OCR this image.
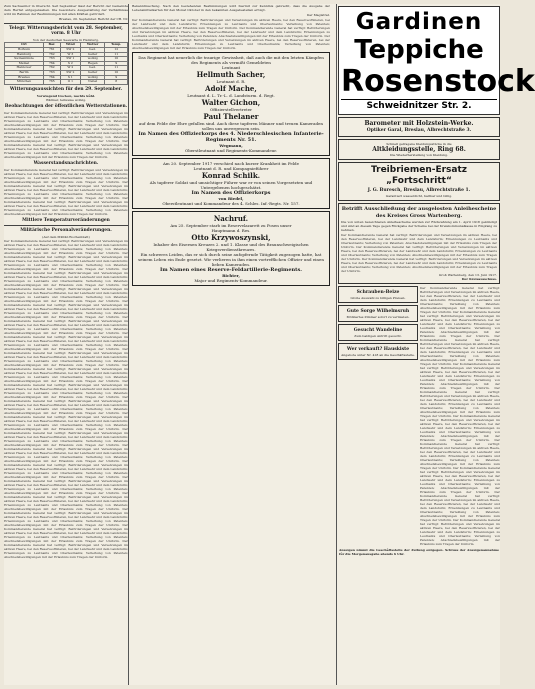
Zum Sachsenhof in Oberschl. Seit September lässt der Bericht der Gemeinde dem Herbst entgegensehen. Die besondere Ausgestaltung der Verhältnisse wird im Rahmen der Bestimmungen mit allen Kräften gefördert.

Breslau, 20. September. Bericht der CB. Nr.

Telegr. Witterungsbericht vom 28. September, vorm. 8 Uhr
Von der deutschen Seewarte in Hamburg.
Ort	Bar.	Wind	Wetter	Temp.
Borkum	761	SW 2	bed.	12
Hamburg	762	W 3	heiter	11
Swinemünde	763	SW 1	wolkig	10
Memel	764	S 2	Regen	9
Hannover	762	W 2	bed.	11
Berlin	763	SW 2	heiter	10
Breslau	764	S 1	wolkig	9
München	765	O 1	Nebel	8
Witterungsaussichten für den 29. September.
Vorwiegend trocken, nachts kühl.
Wärmer, teilweise wolkig.
Beobachtungen der öffentlichen Wetterstationen.
Der Kommandierende General hat verfügt: Beförderungen und Versetzungen im aktiven Heere, bei den Reserveoffizieren, bei der Landwehr und dem Landsturm; Ernennungen zu Leutnants und Oberleutnants; Verleihung von Patenten; Abschiedsbewilligungen mit der Erlaubnis zum Tragen der Uniform. Der Kommandierende General hat verfügt: Beförderungen und Versetzungen im aktiven Heere, bei den Reserveoffizieren, bei der Landwehr und dem Landsturm; Ernennungen zu Leutnants und Oberleutnants; Verleihung von Patenten; Abschiedsbewilligungen mit der Erlaubnis zum Tragen der Uniform. Der Kommandierende General hat verfügt: Beförderungen und Versetzungen im aktiven Heere, bei den Reserveoffizieren, bei der Landwehr und dem Landsturm; Ernennungen zu Leutnants und Oberleutnants; Verleihung von Patenten; Abschiedsbewilligungen mit der Erlaubnis zum Tragen der Uniform.
Wasserstandsnachrichten.
Der Kommandierende General hat verfügt: Beförderungen und Versetzungen im aktiven Heere, bei den Reserveoffizieren, bei der Landwehr und dem Landsturm; Ernennungen zu Leutnants und Oberleutnants; Verleihung von Patenten; Abschiedsbewilligungen mit der Erlaubnis zum Tragen der Uniform. Der Kommandierende General hat verfügt: Beförderungen und Versetzungen im aktiven Heere, bei den Reserveoffizieren, bei der Landwehr und dem Landsturm; Ernennungen zu Leutnants und Oberleutnants; Verleihung von Patenten; Abschiedsbewilligungen mit der Erlaubnis zum Tragen der Uniform. Der Kommandierende General hat verfügt: Beförderungen und Versetzungen im aktiven Heere, bei den Reserveoffizieren, bei der Landwehr und dem Landsturm; Ernennungen zu Leutnants und Oberleutnants; Verleihung von Patenten; Abschiedsbewilligungen mit der Erlaubnis zum Tragen der Uniform.
Mittlere Temperaturveränderungen
Militärische Personalveränderungen.
(Auf dem Militär-Wochenblatt)
Der Kommandierende General hat verfügt: Beförderungen und Versetzungen im aktiven Heere, bei den Reserveoffizieren, bei der Landwehr und dem Landsturm; Ernennungen zu Leutnants und Oberleutnants; Verleihung von Patenten; Abschiedsbewilligungen mit der Erlaubnis zum Tragen der Uniform. Der Kommandierende General hat verfügt: Beförderungen und Versetzungen im aktiven Heere, bei den Reserveoffizieren, bei der Landwehr und dem Landsturm; Ernennungen zu Leutnants und Oberleutnants; Verleihung von Patenten; Abschiedsbewilligungen mit der Erlaubnis zum Tragen der Uniform. Der Kommandierende General hat verfügt: Beförderungen und Versetzungen im aktiven Heere, bei den Reserveoffizieren, bei der Landwehr und dem Landsturm; Ernennungen zu Leutnants und Oberleutnants; Verleihung von Patenten; Abschiedsbewilligungen mit der Erlaubnis zum Tragen der Uniform. Der Kommandierende General hat verfügt: Beförderungen und Versetzungen im aktiven Heere, bei den Reserveoffizieren, bei der Landwehr und dem Landsturm; Ernennungen zu Leutnants und Oberleutnants; Verleihung von Patenten; Abschiedsbewilligungen mit der Erlaubnis zum Tragen der Uniform. Der Kommandierende General hat verfügt: Beförderungen und Versetzungen im aktiven Heere, bei den Reserveoffizieren, bei der Landwehr und dem Landsturm; Ernennungen zu Leutnants und Oberleutnants; Verleihung von Patenten; Abschiedsbewilligungen mit der Erlaubnis zum Tragen der Uniform. Der Kommandierende General hat verfügt: Beförderungen und Versetzungen im aktiven Heere, bei den Reserveoffizieren, bei der Landwehr und dem Landsturm; Ernennungen zu Leutnants und Oberleutnants; Verleihung von Patenten; Abschiedsbewilligungen mit der Erlaubnis zum Tragen der Uniform. Der Kommandierende General hat verfügt: Beförderungen und Versetzungen im aktiven Heere, bei den Reserveoffizieren, bei der Landwehr und dem Landsturm; Ernennungen zu Leutnants und Oberleutnants; Verleihung von Patenten; Abschiedsbewilligungen mit der Erlaubnis zum Tragen der Uniform. Der Kommandierende General hat verfügt: Beförderungen und Versetzungen im aktiven Heere, bei den Reserveoffizieren, bei der Landwehr und dem Landsturm; Ernennungen zu Leutnants und Oberleutnants; Verleihung von Patenten; Abschiedsbewilligungen mit der Erlaubnis zum Tragen der Uniform. Der Kommandierende General hat verfügt: Beförderungen und Versetzungen im aktiven Heere, bei den Reserveoffizieren, bei der Landwehr und dem Landsturm; Ernennungen zu Leutnants und Oberleutnants; Verleihung von Patenten; Abschiedsbewilligungen mit der Erlaubnis zum Tragen der Uniform. Der Kommandierende General hat verfügt: Beförderungen und Versetzungen im aktiven Heere, bei den Reserveoffizieren, bei der Landwehr und dem Landsturm; Ernennungen zu Leutnants und Oberleutnants; Verleihung von Patenten; Abschiedsbewilligungen mit der Erlaubnis zum Tragen der Uniform. Der Kommandierende General hat verfügt: Beförderungen und Versetzungen im aktiven Heere, bei den Reserveoffizieren, bei der Landwehr und dem Landsturm; Ernennungen zu Leutnants und Oberleutnants; Verleihung von Patenten; Abschiedsbewilligungen mit der Erlaubnis zum Tragen der Uniform. Der Kommandierende General hat verfügt: Beförderungen und Versetzungen im aktiven Heere, bei den Reserveoffizieren, bei der Landwehr und dem Landsturm; Ernennungen zu Leutnants und Oberleutnants; Verleihung von Patenten; Abschiedsbewilligungen mit der Erlaubnis zum Tragen der Uniform. Der Kommandierende General hat verfügt: Beförderungen und Versetzungen im aktiven Heere, bei den Reserveoffizieren, bei der Landwehr und dem Landsturm; Ernennungen zu Leutnants und Oberleutnants; Verleihung von Patenten; Abschiedsbewilligungen mit der Erlaubnis zum Tragen der Uniform. Der Kommandierende General hat verfügt: Beförderungen und Versetzungen im aktiven Heere, bei den Reserveoffizieren, bei der Landwehr und dem Landsturm; Ernennungen zu Leutnants und Oberleutnants; Verleihung von Patenten; Abschiedsbewilligungen mit der Erlaubnis zum Tragen der Uniform. Der Kommandierende General hat verfügt: Beförderungen und Versetzungen im aktiven Heere, bei den Reserveoffizieren, bei der Landwehr und dem Landsturm; Ernennungen zu Leutnants und Oberleutnants; Verleihung von Patenten; Abschiedsbewilligungen mit der Erlaubnis zum Tragen der Uniform. Der Kommandierende General hat verfügt: Beförderungen und Versetzungen im aktiven Heere, bei den Reserveoffizieren, bei der Landwehr und dem Landsturm; Ernennungen zu Leutnants und Oberleutnants; Verleihung von Patenten; Abschiedsbewilligungen mit der Erlaubnis zum Tragen der Uniform. Der Kommandierende General hat verfügt: Beförderungen und Versetzungen im aktiven Heere, bei den Reserveoffizieren, bei der Landwehr und dem Landsturm; Ernennungen zu Leutnants und Oberleutnants; Verleihung von Patenten; Abschiedsbewilligungen mit der Erlaubnis zum Tragen der Uniform. Der Kommandierende General hat verfügt: Beförderungen und Versetzungen im aktiven Heere, bei den Reserveoffizieren, bei der Landwehr und dem Landsturm; Ernennungen zu Leutnants und Oberleutnants; Verleihung von Patenten; Abschiedsbewilligungen mit der Erlaubnis zum Tragen der Uniform. Der Kommandierende General hat verfügt: Beförderungen und Versetzungen im aktiven Heere, bei den Reserveoffizieren, bei der Landwehr und dem Landsturm; Ernennungen zu Leutnants und Oberleutnants; Verleihung von Patenten; Abschiedsbewilligungen mit der Erlaubnis zum Tragen der Uniform. Der Kommandierende General hat verfügt: Beförderungen und Versetzungen im aktiven Heere, bei den Reserveoffizieren, bei der Landwehr und dem Landsturm; Ernennungen zu Leutnants und Oberleutnants; Verleihung von Patenten; Abschiedsbewilligungen mit der Erlaubnis zum Tragen der Uniform.

Bekanntmachung. Nach den bestehenden Bestimmungen wird hiermit zur Kenntnis gebracht, dass die Ausgabe der Lebensmittelkarten für den Monat Oktober in den bekannten Ausgabestellen erfolgt.

Der Magistrat.

Der Kommandierende General hat verfügt: Beförderungen und Versetzungen im aktiven Heere, bei den Reserveoffizieren, bei der Landwehr und dem Landsturm; Ernennungen zu Leutnants und Oberleutnants; Verleihung von Patenten; Abschiedsbewilligungen mit der Erlaubnis zum Tragen der Uniform. Der Kommandierende General hat verfügt: Beförderungen und Versetzungen im aktiven Heere, bei den Reserveoffizieren, bei der Landwehr und dem Landsturm; Ernennungen zu Leutnants und Oberleutnants; Verleihung von Patenten; Abschiedsbewilligungen mit der Erlaubnis zum Tragen der Uniform. Der Kommandierende General hat verfügt: Beförderungen und Versetzungen im aktiven Heere, bei den Reserveoffizieren, bei der Landwehr und dem Landsturm; Ernennungen zu Leutnants und Oberleutnants; Verleihung von Patenten; Abschiedsbewilligungen mit der Erlaubnis zum Tragen der Uniform.
Das Regiment hat neuerlich die traurige Gewissheit, daß auch die mit den letzten Kämpfen des Regiments als vermißt Gemeldeten
Leutnant
Hellmuth Sacher,
Leutnant d. R.
Adolf Mache,
Leutnant d. L. Tr.-L. d. Landsturm. d. Regt.
Walter Gichon,
Offizierstellvertreter
Paul Thelaner
auf dem Felde der Ehre gefallen sind. Auch diese tapferen Männer und treuen Kameraden sollen uns unvergessen sein.
Im Namen des Offizierkorps des 4. Niederschlesischen Infanterie-Regiments Nr. 51.
Wegmann,
Oberstleutnant und Regiments-Kommandeur.
Am 20. September 1917 verschied nach kurzer Krankheit im Felde
Leutnant d. R. und Kompagnieführer
Konrad Schilk.
Als tapferer Soldat und umsichtiger Führer war er von seinen Vorgesetzten und Untergebenen hochgeschätzt.
Im Namen des Offizierkorps
von Riedel,
Oberstleutnant und Kommandeur des 4. Schles. Inf.-Regts. Nr. 157.
Nachruf.
Am 25. September starb im Reservelazarett zu Posen unser
Hauptmann d. Res.
Otto Krzywoszynski,
Inhaber des Eisernen Kreuzes 2. und 1. Klasse und des Braunschweigischen Kriegsverdienstkreuzes.
Ein schweres Leiden, das er sich durch seine aufopfernde Tätigkeit zugezogen hatte, hat seinem Leben ein Ende gesetzt. Wir verlieren in ihm einen vortrefflichen Offizier und einen lieben Kameraden.
Im Namen eines Reserve-Feldartillerie-Regiments.
Richter,
Major und Regiments-Kommandeur.
Gardinen
Teppiche
Rosenstock
Schweidnitzer Str. 2.
Barometer mit Holzstein-Werke.
Optiker Garal, Breslau, Albrechtstraße 3.
Schnell getragene Kleidungsstücke in die
Altkleidungsstelle, Ring 68.
Die Wiederherstellung von Kleidung.
Treibriemen-Ersatz
„Fortschritt“
J. G. Buresch, Breslau, Albrechtstraße 1.
Garantiert wasserdicht, haltbar und billig.
Betrifft Ausschließung der ausgelosten Anleihescheine des Kreises Gross Wartenberg.
Die von unten bezeichneten Anleihescheine werden zur Rückzahlung am 1. April 1918 gekündigt und sind an diesem Tage gegen Rückgabe der Scheine bei der Kreiskommunalkasse in Empfang zu nehmen.
Der Kommandierende General hat verfügt: Beförderungen und Versetzungen im aktiven Heere, bei den Reserveoffizieren, bei der Landwehr und dem Landsturm; Ernennungen zu Leutnants und Oberleutnants; Verleihung von Patenten; Abschiedsbewilligungen mit der Erlaubnis zum Tragen der Uniform. Der Kommandierende General hat verfügt: Beförderungen und Versetzungen im aktiven Heere, bei den Reserveoffizieren, bei der Landwehr und dem Landsturm; Ernennungen zu Leutnants und Oberleutnants; Verleihung von Patenten; Abschiedsbewilligungen mit der Erlaubnis zum Tragen der Uniform. Der Kommandierende General hat verfügt: Beförderungen und Versetzungen im aktiven Heere, bei den Reserveoffizieren, bei der Landwehr und dem Landsturm; Ernennungen zu Leutnants und Oberleutnants; Verleihung von Patenten; Abschiedsbewilligungen mit der Erlaubnis zum Tragen der Uniform.
Groß Wartenberg, den 13. Juni 1917.
Der Kreisausschuss.
Schrauben-Beize
Große Auswahl zu billigen Preisen.
Gute Sorge Wilhelmsruh
Möbliertes Zimmer sofort zu vermieten.
Gesucht Wandeline
Zum baldigen Antritt gesucht.
Wer verkauft? Hauskiste
Angebote unter Nr. 418 an die Geschäftsstelle.
Der Kommandierende General hat verfügt: Beförderungen und Versetzungen im aktiven Heere, bei den Reserveoffizieren, bei der Landwehr und dem Landsturm; Ernennungen zu Leutnants und Oberleutnants; Verleihung von Patenten; Abschiedsbewilligungen mit der Erlaubnis zum Tragen der Uniform. Der Kommandierende General hat verfügt: Beförderungen und Versetzungen im aktiven Heere, bei den Reserveoffizieren, bei der Landwehr und dem Landsturm; Ernennungen zu Leutnants und Oberleutnants; Verleihung von Patenten; Abschiedsbewilligungen mit der Erlaubnis zum Tragen der Uniform. Der Kommandierende General hat verfügt: Beförderungen und Versetzungen im aktiven Heere, bei den Reserveoffizieren, bei der Landwehr und dem Landsturm; Ernennungen zu Leutnants und Oberleutnants; Verleihung von Patenten; Abschiedsbewilligungen mit der Erlaubnis zum Tragen der Uniform. Der Kommandierende General hat verfügt: Beförderungen und Versetzungen im aktiven Heere, bei den Reserveoffizieren, bei der Landwehr und dem Landsturm; Ernennungen zu Leutnants und Oberleutnants; Verleihung von Patenten; Abschiedsbewilligungen mit der Erlaubnis zum Tragen der Uniform. Der Kommandierende General hat verfügt: Beförderungen und Versetzungen im aktiven Heere, bei den Reserveoffizieren, bei der Landwehr und dem Landsturm; Ernennungen zu Leutnants und Oberleutnants; Verleihung von Patenten; Abschiedsbewilligungen mit der Erlaubnis zum Tragen der Uniform. Der Kommandierende General hat verfügt: Beförderungen und Versetzungen im aktiven Heere, bei den Reserveoffizieren, bei der Landwehr und dem Landsturm; Ernennungen zu Leutnants und Oberleutnants; Verleihung von Patenten; Abschiedsbewilligungen mit der Erlaubnis zum Tragen der Uniform. Der Kommandierende General hat verfügt: Beförderungen und Versetzungen im aktiven Heere, bei den Reserveoffizieren, bei der Landwehr und dem Landsturm; Ernennungen zu Leutnants und Oberleutnants; Verleihung von Patenten; Abschiedsbewilligungen mit der Erlaubnis zum Tragen der Uniform. Der Kommandierende General hat verfügt: Beförderungen und Versetzungen im aktiven Heere, bei den Reserveoffizieren, bei der Landwehr und dem Landsturm; Ernennungen zu Leutnants und Oberleutnants; Verleihung von Patenten; Abschiedsbewilligungen mit der Erlaubnis zum Tragen der Uniform. Der Kommandierende General hat verfügt: Beförderungen und Versetzungen im aktiven Heere, bei den Reserveoffizieren, bei der Landwehr und dem Landsturm; Ernennungen zu Leutnants und Oberleutnants; Verleihung von Patenten; Abschiedsbewilligungen mit der Erlaubnis zum Tragen der Uniform. Der Kommandierende General hat verfügt: Beförderungen und Versetzungen im aktiven Heere, bei den Reserveoffizieren, bei der Landwehr und dem Landsturm; Ernennungen zu Leutnants und Oberleutnants; Verleihung von Patenten; Abschiedsbewilligungen mit der Erlaubnis zum Tragen der Uniform.
Anzeigen nimmt die Geschäftsstelle der Zeitung entgegen. Schluss der Anzeigenannahme für die Morgenausgabe abends 6 Uhr.
